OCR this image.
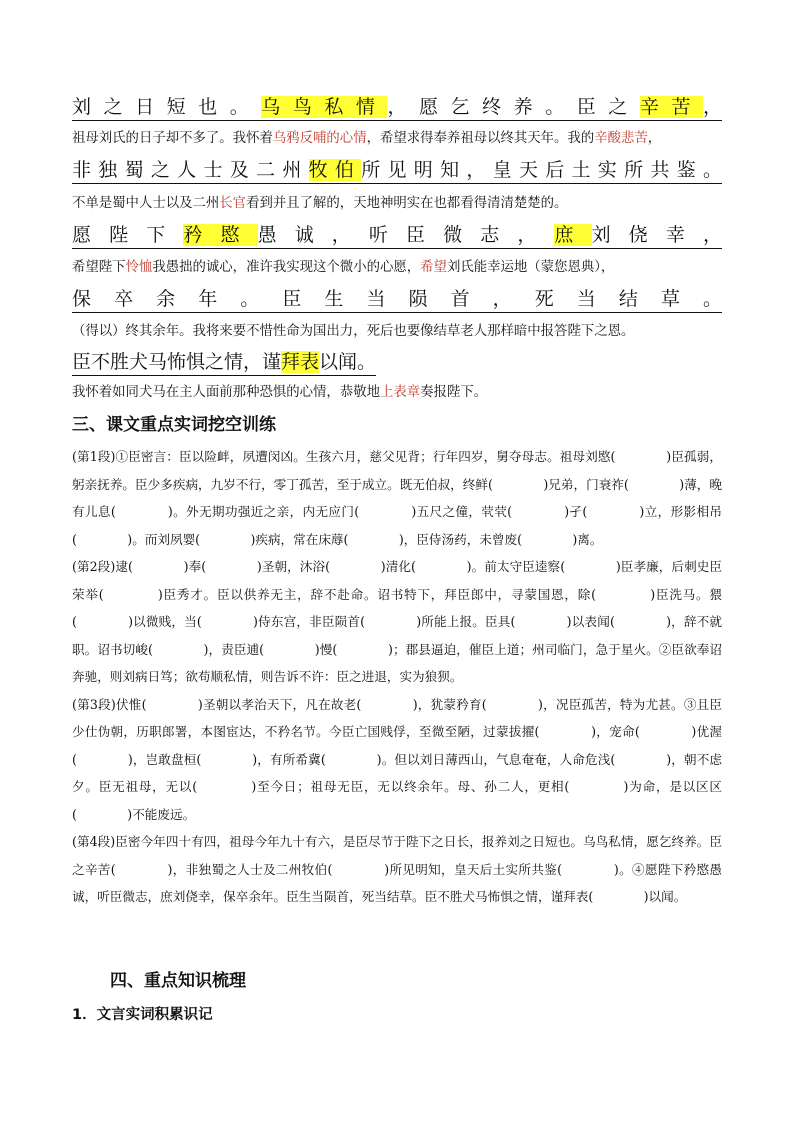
刘之日短也。乌鸟私情，愿乞终养。臣之辛苦，
祖母刘氏的日子却不多了。我怀着乌鸦反哺的心情，希望求得奉养祖母以终其天年。我的辛酸悲苦，
非独蜀之人士及二州牧伯所见明知，皇天后土实所共鉴。
不单是蜀中人士以及二州长官看到并且了解的，天地神明实在也都看得清清楚楚的。
愿陛下矜愍愚诚，听臣微志，庶刘侥幸，
希望陛下怜恤我愚拙的诚心，准许我实现这个微小的心愿，希望刘氏能幸运地（蒙您恩典），
保卒余年。臣生当陨首，死当结草。
（得以）终其余年。我将来要不惜性命为国出力，死后也要像结草老人那样暗中报答陛下之恩。
臣不胜犬马怖惧之情，谨拜表以闻。
我怀着如同犬马在主人面前那种恐惧的心情，恭敬地上表章奏报陛下。
三、课文重点实词挖空训练
(第1段)①臣密言：臣以险衅，夙遭闵凶。生孩六月，慈父见背；行年四岁，舅夺母志。祖母刘愍(　　　　)臣孤弱，躬亲抚养。臣少多疾病，九岁不行，零丁孤苦，至于成立。既无伯叔，终鲜(　　　　)兄弟，门衰祚(　　　　)薄，晚有儿息(　　　　)。外无期功强近之亲，内无应门(　　　　)五尺之僮，茕茕(　　　　)孑(　　　　)立，形影相吊(　　　　)。而刘夙婴(　　　　)疾病，常在床蓐(　　　　)，臣侍汤药，未曾废(　　　　)离。
(第2段)逮(　　　　)奉(　　　　)圣朝，沐浴(　　　　)清化(　　　　)。前太守臣逵察(　　　　)臣孝廉，后刺史臣荣举(　　　　)臣秀才。臣以供养无主，辞不赴命。诏书特下，拜臣郎中，寻蒙国恩，除(　　　　)臣洗马。猥(　　　　)以微贱，当(　　　　)侍东宫，非臣陨首(　　　　)所能上报。臣具(　　　　)以表闻(　　　　)，辞不就职。诏书切峻(　　　　)，责臣逋(　　　　)慢(　　　　)；郡县逼迫，催臣上道；州司临门，急于星火。②臣欲奉诏奔驰，则刘病日笃；欲苟顺私情，则告诉不许：臣之进退，实为狼狈。
(第3段)伏惟(　　　　)圣朝以孝治天下，凡在故老(　　　　)，犹蒙矜育(　　　　)，况臣孤苦，特为尤甚。③且臣少仕伪朝，历职郎署，本图宦达，不矜名节。今臣亡国贱俘，至微至陋，过蒙拔擢(　　　　)，宠命(　　　　)优渥(　　　　)，岂敢盘桓(　　　　)，有所希冀(　　　　)。但以刘日薄西山，气息奄奄，人命危浅(　　　　)，朝不虑夕。臣无祖母，无以(　　　　)至今日；祖母无臣，无以终余年。母、孙二人，更相(　　　　)为命，是以区区(　　　　)不能废远。
(第4段)臣密今年四十有四，祖母今年九十有六，是臣尽节于陛下之日长，报养刘之日短也。乌鸟私情，愿乞终养。臣之辛苦(　　　　)，非独蜀之人士及二州牧伯(　　　　)所见明知，皇天后土实所共鉴(　　　　)。④愿陛下矜愍愚诚，听臣微志，庶刘侥幸，保卒余年。臣生当陨首，死当结草。臣不胜犬马怖惧之情，谨拜表(　　　　)以闻。
四、重点知识梳理
1．文言实词积累识记
